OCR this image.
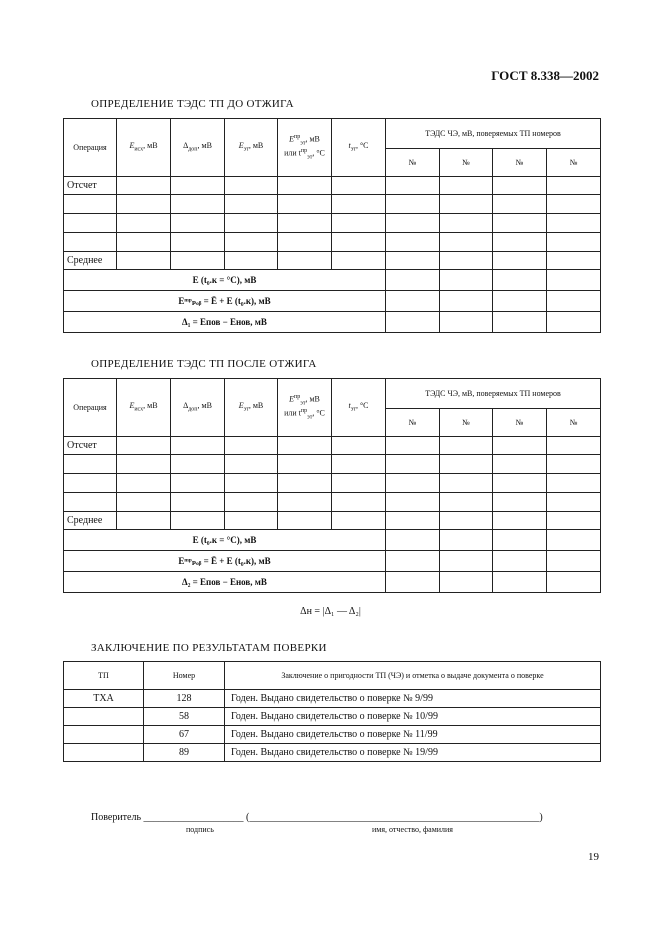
ГОСТ 8.338—2002
ОПРЕДЕЛЕНИЕ ТЭДС ТП ДО ОТЖИГА
Операция	$E_{исх}$, мВ	$\Delta_{доп}$, мВ	$E_{эт}$, мВ	$E^{пр}_{эт}$, мВ
или $t^{пр}_{эт}$, °C	$t_{эт}$, °C	ТЭДС ЧЭ, мВ, поверяемых ТП номеров			
						№	№	№	№
Отсчет									

Среднее									
E (t₀.к = °C), мВ									
Eᵐᵖₚₒᵦ = Ē + E (t₀.к), мВ									
Δ₁ = Eпов − Eнов, мВ									
ОПРЕДЕЛЕНИЕ ТЭДС ТП ПОСЛЕ ОТЖИГА
Операция	$E_{исх}$, мВ	$\Delta_{доп}$, мВ	$E_{эт}$, мВ	$E^{пр}_{эт}$, мВ
или $t^{пр}_{эт}$, °C	$t_{эт}$, °C	ТЭДС ЧЭ, мВ, поверяемых ТП номеров			
						№	№	№	№
Отсчет									

Среднее									
E (t₀.к = °C), мВ									
Eᵐᵖₚₒᵦ = Ē + E (t₀.к), мВ									
Δ₂ = Eпов − Eнов, мВ									
Δн = |Δ₁ — Δ₂|
ЗАКЛЮЧЕНИЕ ПО РЕЗУЛЬТАТАМ ПОВЕРКИ
ТП	Номер	Заключение о пригодности ТП (ЧЭ) и отметка о выдаче документа о поверке
ТХА	128	Годен. Выдано свидетельство о поверке № 9/99
	58	Годен. Выдано свидетельство о поверке № 10/99
	67	Годен. Выдано свидетельство о поверке № 11/99
	89	Годен. Выдано свидетельство о поверке № 19/99
Поверитель ____________________ (__________________________________________________________)
подпись	имя, отчество, фамилия
19
